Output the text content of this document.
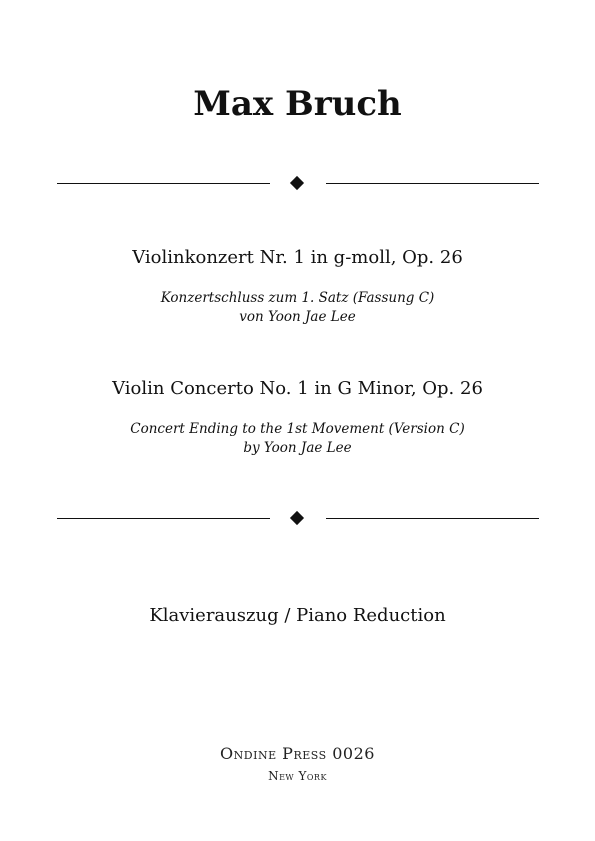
Max Bruch

Violinkonzert Nr. 1 in g-moll, Op. 26

Konzertschluss zum 1. Satz (Fassung C)

von Yoon Jae Lee

Violin Concerto No. 1 in G Minor, Op. 26

Concert Ending to the 1st Movement (Version C)

by Yoon Jae Lee

Klavierauszug / Piano Reduction

Ondine Press 0026

New York
